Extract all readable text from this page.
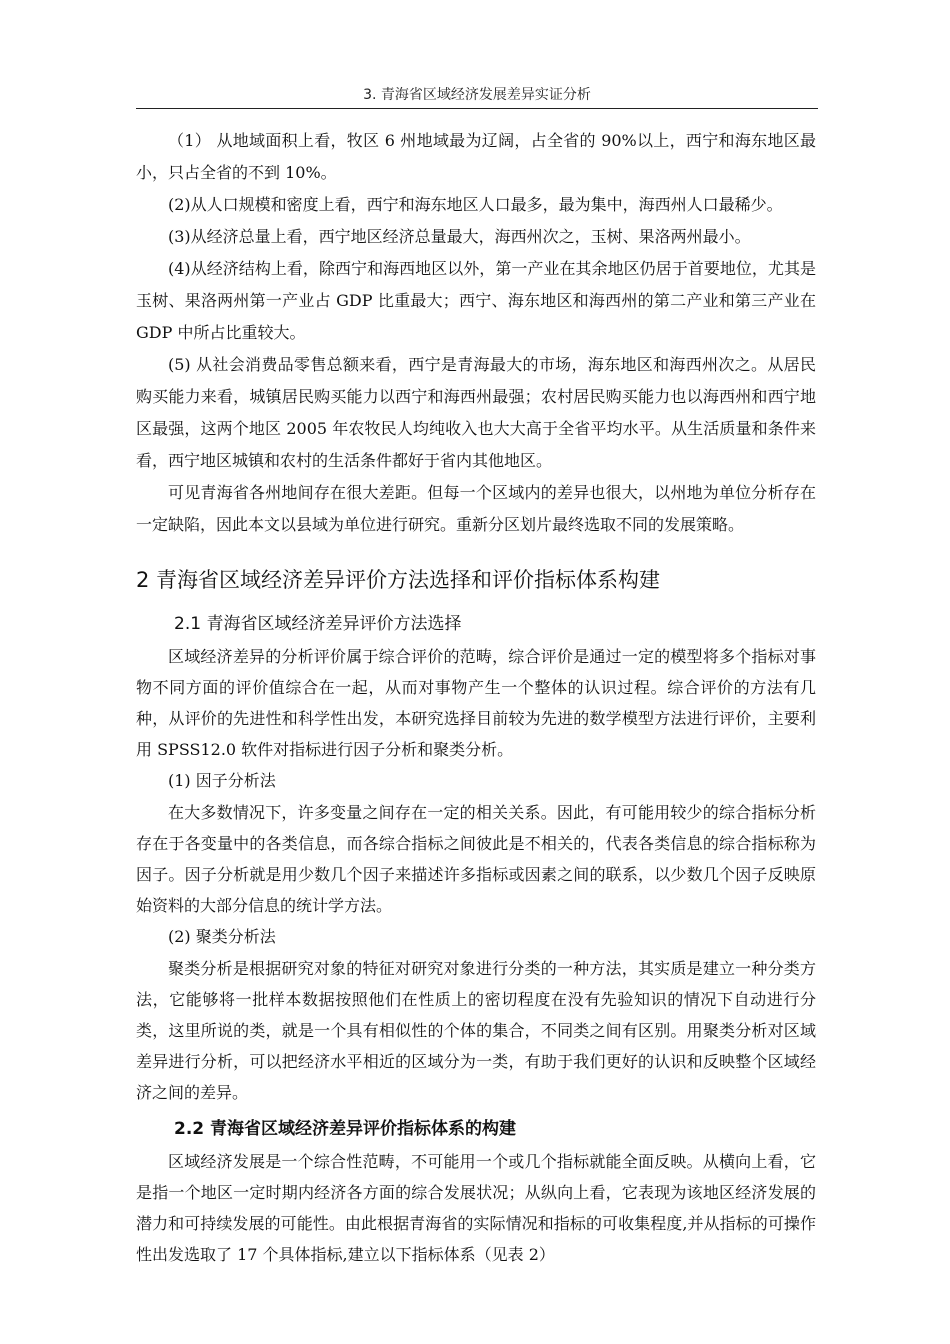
3. 青海省区域经济发展差异实证分析

（1） 从地域面积上看，牧区 6 州地域最为辽阔，占全省的 90%以上，西宁和海东地区最小，只占全省的不到 10%。

(2)从人口规模和密度上看，西宁和海东地区人口最多，最为集中，海西州人口最稀少。

(3)从经济总量上看，西宁地区经济总量最大，海西州次之，玉树、果洛两州最小。

(4)从经济结构上看，除西宁和海西地区以外，第一产业在其余地区仍居于首要地位，尤其是玉树、果洛两州第一产业占 GDP 比重最大；西宁、海东地区和海西州的第二产业和第三产业在 GDP 中所占比重较大。

(5) 从社会消费品零售总额来看，西宁是青海最大的市场，海东地区和海西州次之。从居民购买能力来看，城镇居民购买能力以西宁和海西州最强；农村居民购买能力也以海西州和西宁地区最强，这两个地区 2005 年农牧民人均纯收入也大大高于全省平均水平。从生活质量和条件来看，西宁地区城镇和农村的生活条件都好于省内其他地区。

可见青海省各州地间存在很大差距。但每一个区域内的差异也很大，以州地为单位分析存在一定缺陷，因此本文以县域为单位进行研究。重新分区划片最终选取不同的发展策略。

2 青海省区域经济差异评价方法选择和评价指标体系构建
2.1 青海省区域经济差异评价方法选择

区域经济差异的分析评价属于综合评价的范畴，综合评价是通过一定的模型将多个指标对事物不同方面的评价值综合在一起，从而对事物产生一个整体的认识过程。综合评价的方法有几种，从评价的先进性和科学性出发，本研究选择目前较为先进的数学模型方法进行评价，主要利用 SPSS12.0 软件对指标进行因子分析和聚类分析。

(1) 因子分析法

在大多数情况下，许多变量之间存在一定的相关关系。因此，有可能用较少的综合指标分析存在于各变量中的各类信息，而各综合指标之间彼此是不相关的，代表各类信息的综合指标称为因子。因子分析就是用少数几个因子来描述许多指标或因素之间的联系，以少数几个因子反映原始资料的大部分信息的统计学方法。

(2) 聚类分析法

聚类分析是根据研究对象的特征对研究对象进行分类的一种方法，其实质是建立一种分类方法，它能够将一批样本数据按照他们在性质上的密切程度在没有先验知识的情况下自动进行分类，这里所说的类，就是一个具有相似性的个体的集合，不同类之间有区别。用聚类分析对区域差异进行分析，可以把经济水平相近的区域分为一类，有助于我们更好的认识和反映整个区域经济之间的差异。

2.2 青海省区域经济差异评价指标体系的构建

区域经济发展是一个综合性范畴，不可能用一个或几个指标就能全面反映。从横向上看，它是指一个地区一定时期内经济各方面的综合发展状况；从纵向上看，它表现为该地区经济发展的潜力和可持续发展的可能性。由此根据青海省的实际情况和指标的可收集程度,并从指标的可操作性出发选取了 17 个具体指标,建立以下指标体系（见表 2）
